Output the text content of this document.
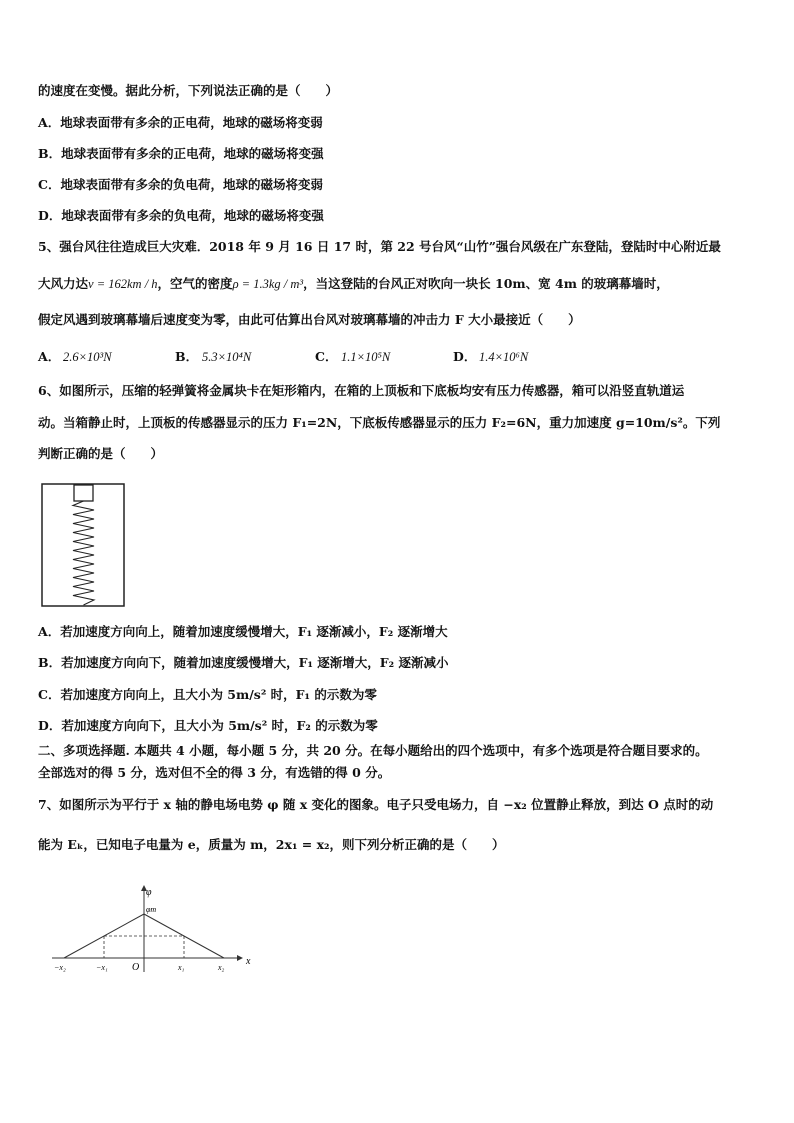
的速度在变慢。据此分析，下列说法正确的是（　　）
A．地球表面带有多余的正电荷，地球的磁场将变弱
B．地球表面带有多余的正电荷，地球的磁场将变强
C．地球表面带有多余的负电荷，地球的磁场将变弱
D．地球表面带有多余的负电荷，地球的磁场将变强
5、强台风往往造成巨大灾难．2018 年 9 月 16 日 17 时，第 22 号台风“山竹”强台风级在广东登陆，登陆时中心附近最
大风力达v = 162km / h，空气的密度ρ = 1.3kg / m³，当这登陆的台风正对吹向一块长 10m、宽 4m 的玻璃幕墙时，
假定风遇到玻璃幕墙后速度变为零，由此可估算出台风对玻璃幕墙的冲击力 F 大小最接近（　　）
A． 2.6×10³N	B． 5.3×10⁴N	C． 1.1×10⁵N	D． 1.4×10⁶N
6、如图所示，压缩的轻弹簧将金属块卡在矩形箱内，在箱的上顶板和下底板均安有压力传感器，箱可以沿竖直轨道运
动。当箱静止时，上顶板的传感器显示的压力 F₁=2N，下底板传感器显示的压力 F₂=6N，重力加速度 g=10m/s²。下列
判断正确的是（　　）
A．若加速度方向向上，随着加速度缓慢增大，F₁ 逐渐减小，F₂ 逐渐增大
B．若加速度方向向下，随着加速度缓慢增大，F₁ 逐渐增大，F₂ 逐渐减小
C．若加速度方向向上，且大小为 5m/s² 时，F₁ 的示数为零
D．若加速度方向向下，且大小为 5m/s² 时，F₂ 的示数为零
二、多项选择题. 本题共 4 小题，每小题 5 分，共 20 分。在每小题给出的四个选项中，有多个选项是符合题目要求的。
全部选对的得 5 分，选对但不全的得 3 分，有选错的得 0 分。
7、如图所示为平行于 x 轴的静电场电势 φ 随 x 变化的图象。电子只受电场力，自 −x₂ 位置静止释放，到达 O 点时的动
能为 Eₖ，已知电子电量为 e，质量为 m，2x₁ = x₂，则下列分析正确的是（　　）
φ
φm
x
O
−x₂	−x₁	x₁	x₂
